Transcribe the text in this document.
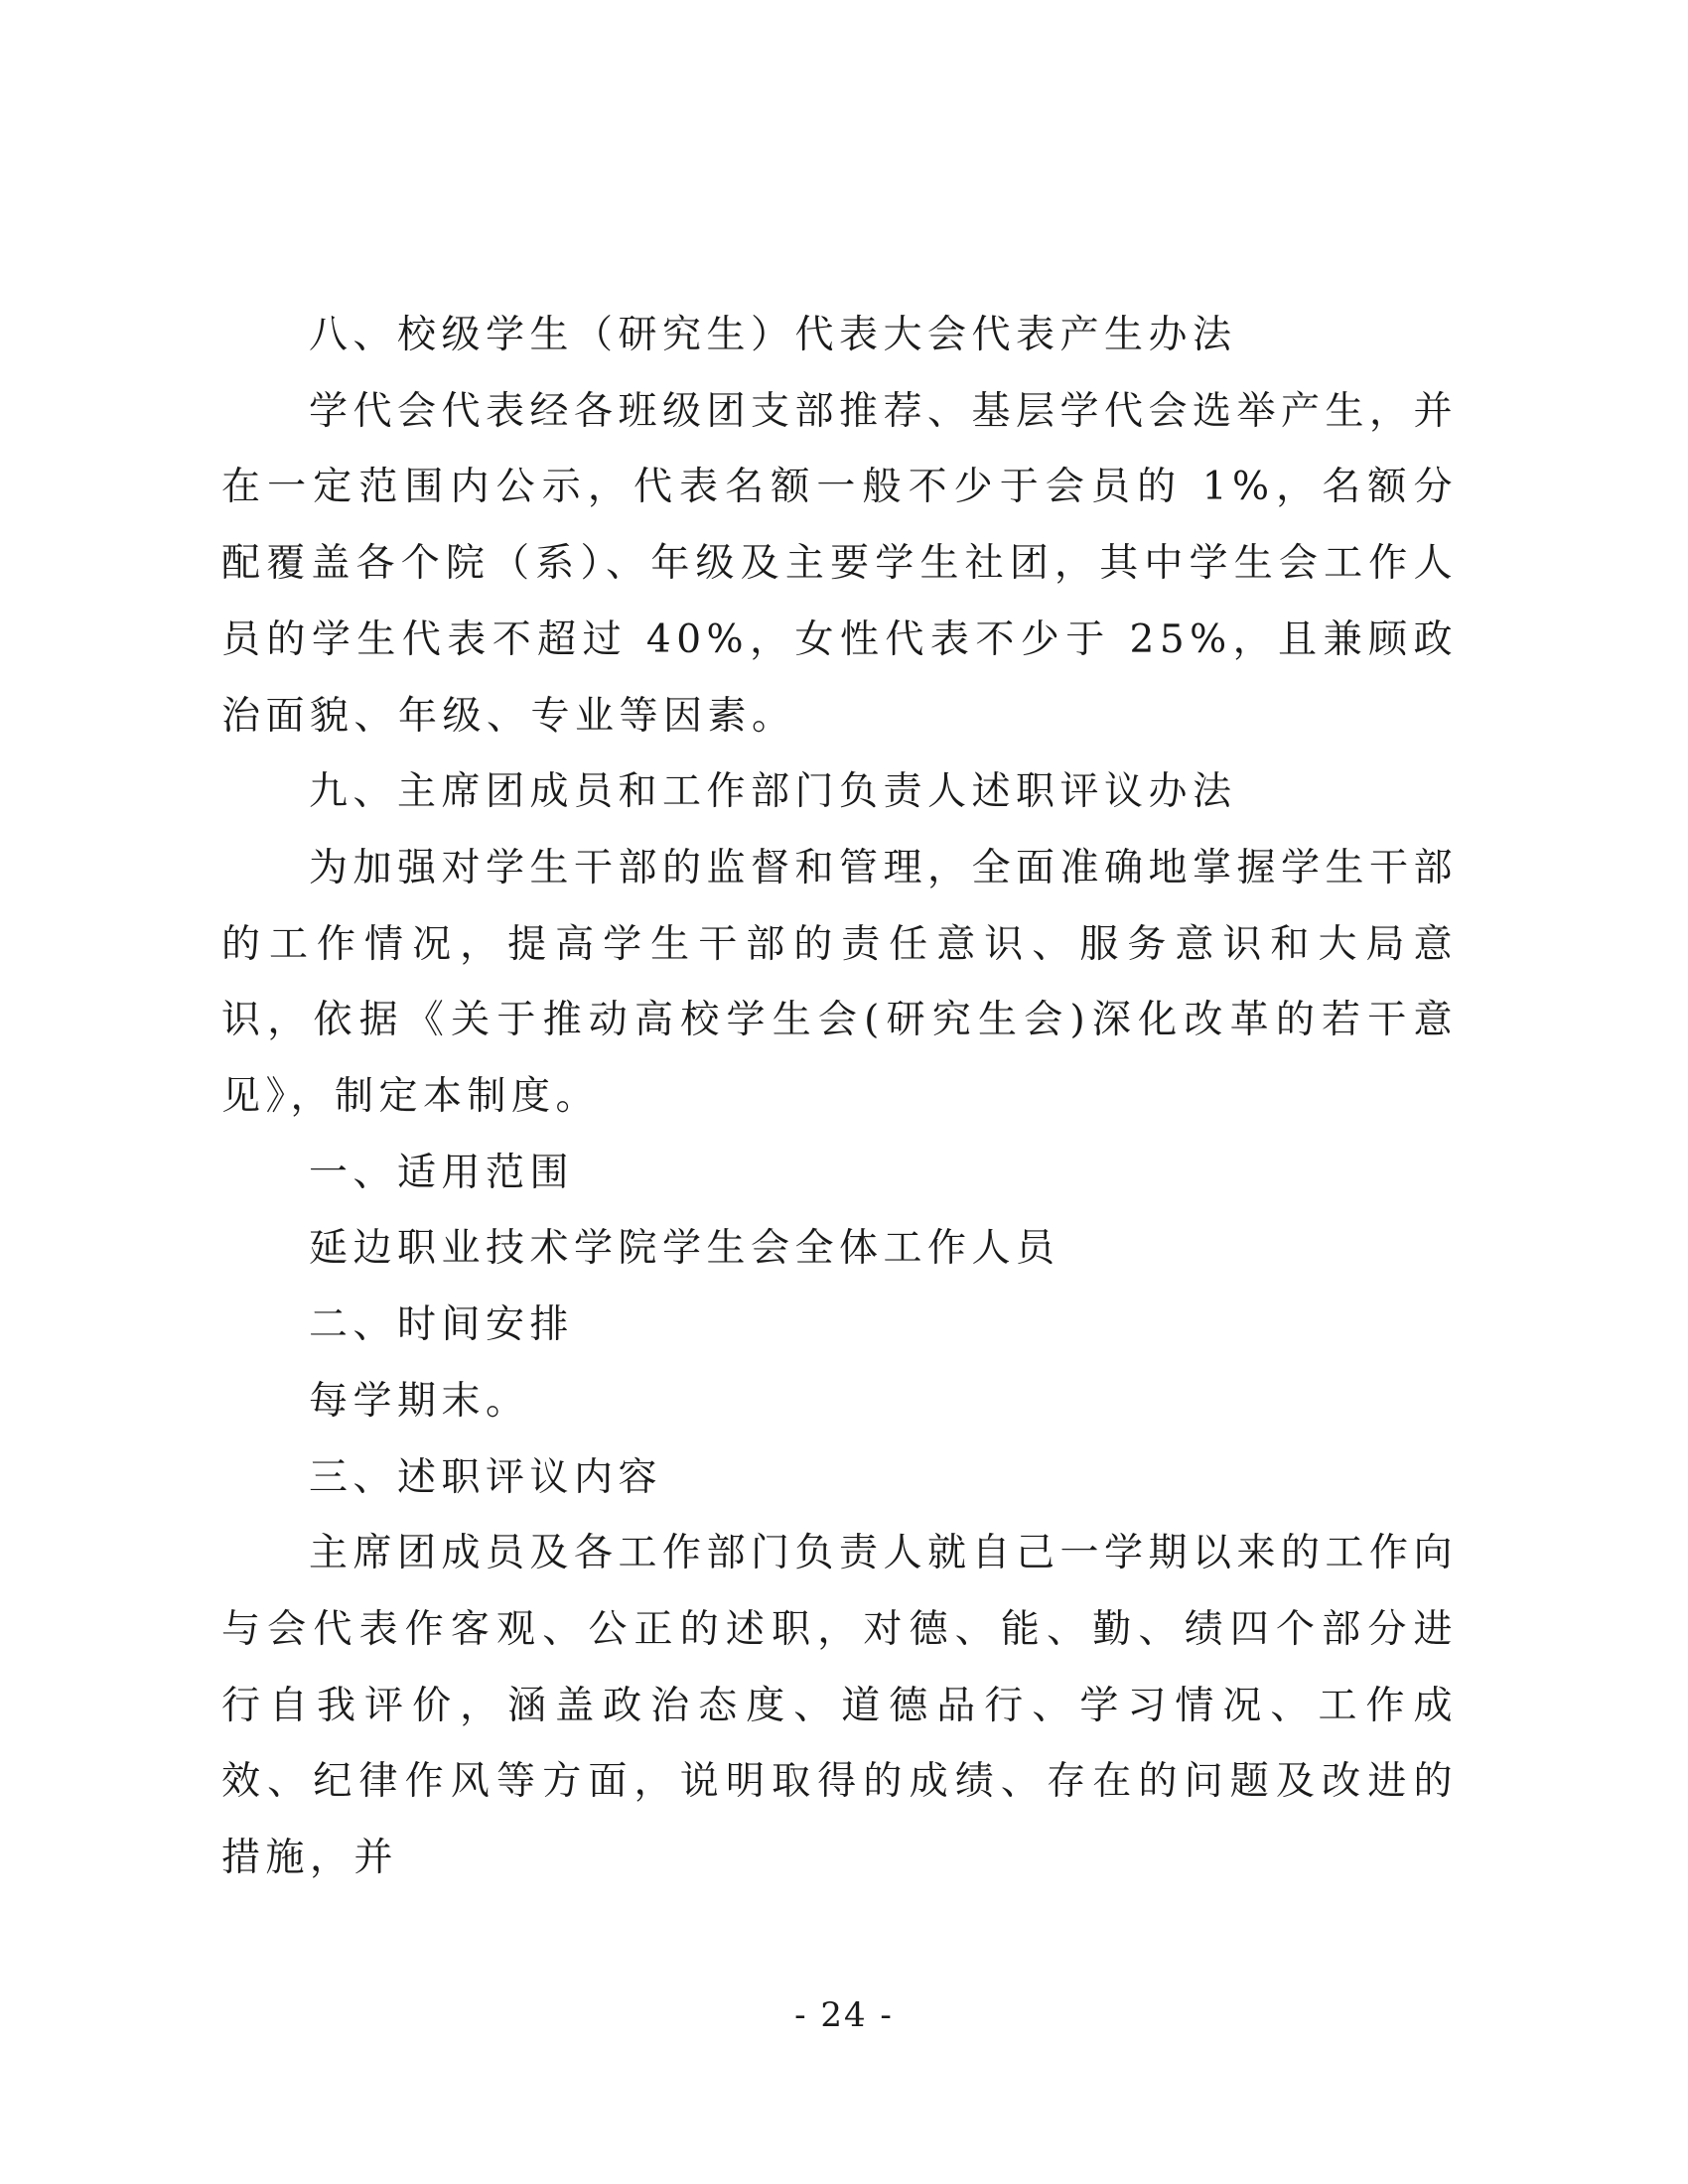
八、校级学生（研究生）代表大会代表产生办法

学代会代表经各班级团支部推荐、基层学代会选举产生，并在一定范围内公示，代表名额一般不少于会员的 1%，名额分配覆盖各个院（系）、年级及主要学生社团，其中学生会工作人员的学生代表不超过 40%，女性代表不少于 25%，且兼顾政治面貌、年级、专业等因素。

九、主席团成员和工作部门负责人述职评议办法

为加强对学生干部的监督和管理，全面准确地掌握学生干部的工作情况，提高学生干部的责任意识、服务意识和大局意识，依据《关于推动高校学生会(研究生会)深化改革的若干意见》，制定本制度。

一、适用范围

延边职业技术学院学生会全体工作人员

二、时间安排

每学期末。

三、述职评议内容

主席团成员及各工作部门负责人就自己一学期以来的工作向与会代表作客观、公正的述职，对德、能、勤、绩四个部分进行自我评价，涵盖政治态度、道德品行、学习情况、工作成效、纪律作风等方面，说明取得的成绩、存在的问题及改进的措施，并

- 24 -
